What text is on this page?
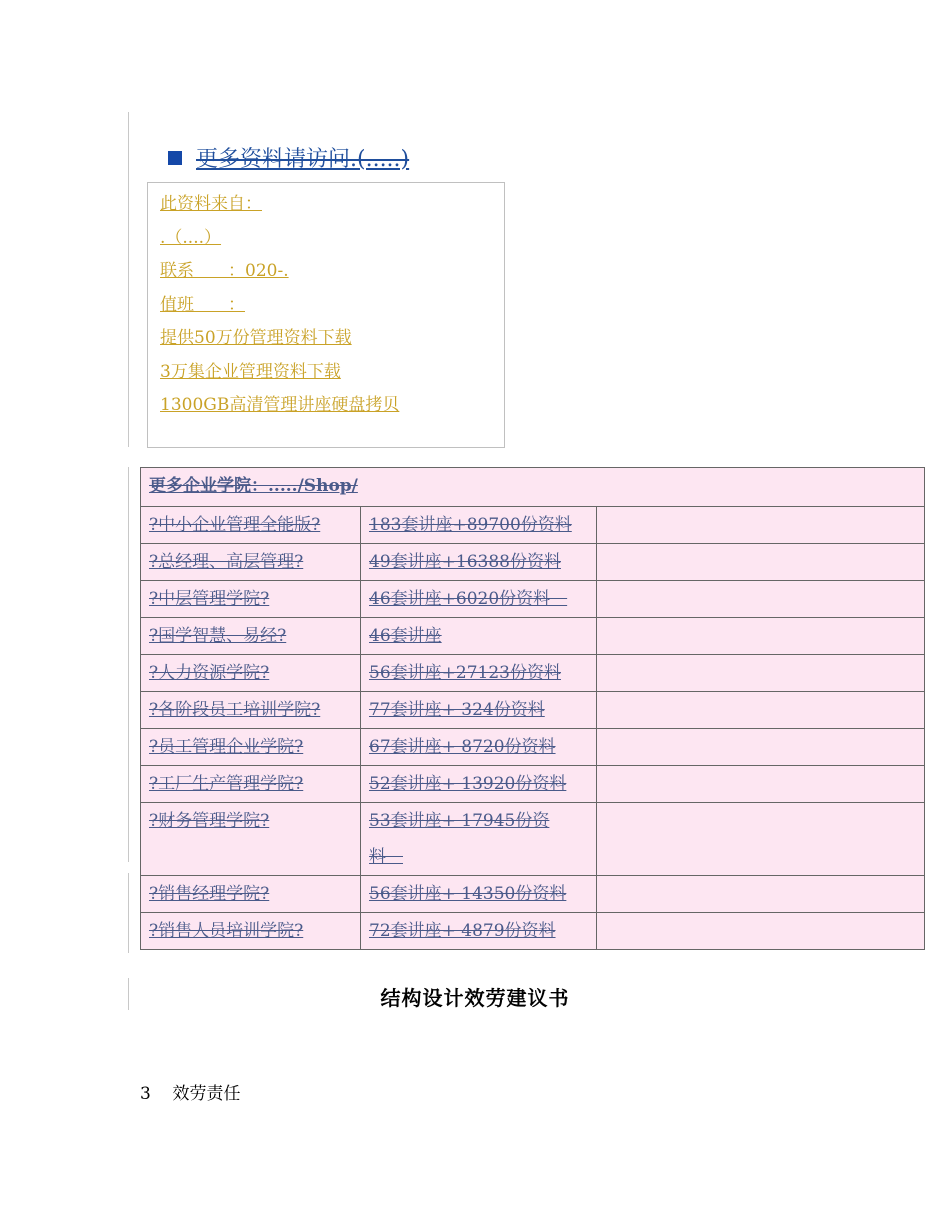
更多资料请访问.(.....)
此资料来自：
.（....）
联系　　：020-.
值班　　：
提供50万份管理资料下载
3万集企业管理资料下载
1300GB高清管理讲座硬盘拷贝
更多企业学院：...../Shop/		
?中小企业管理全能版?	183套讲座+89700份资料	
?总经理、高层管理?	49套讲座+16388份资料	
?中层管理学院?	46套讲座+6020份资料　	
?国学智慧、易经?	46套讲座	
?人力资源学院?	56套讲座+27123份资料	
?各阶段员工培训学院?	77套讲座+ 324份资料	
?员工管理企业学院?	67套讲座+ 8720份资料	
?工厂生产管理学院?	52套讲座+ 13920份资料	
?财务管理学院?	53套讲座+ 17945份资料　	
?销售经理学院?	56套讲座+ 14350份资料	
?销售人员培训学院?	72套讲座+ 4879份资料	
结构设计效劳建议书
3 效劳责任
